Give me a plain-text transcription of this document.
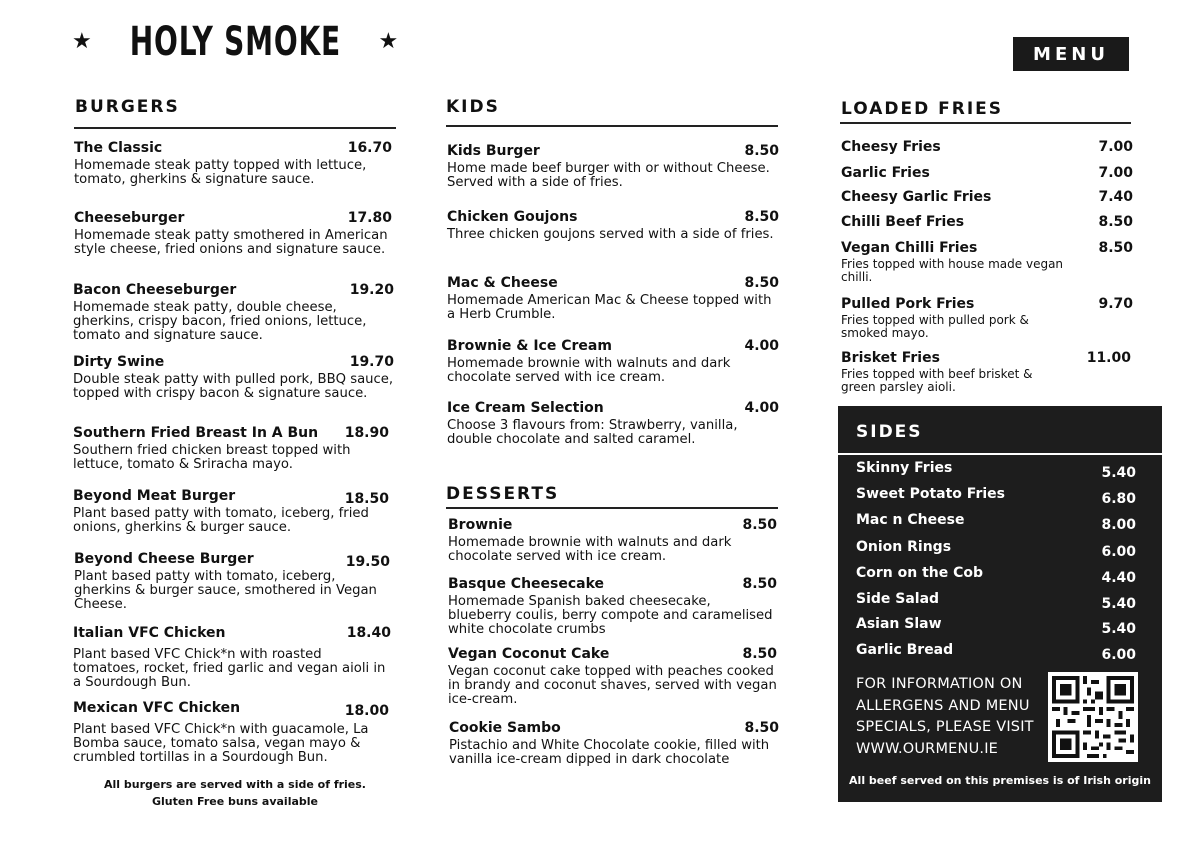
★ HOLY SMOKE ★	MENU
BURGERS
The Classic	16.70
Homemade steak patty topped with lettuce, tomato, gherkins & signature sauce.
Cheeseburger	17.80
Homemade steak patty smothered in American style cheese, fried onions and signature sauce.
Bacon Cheeseburger	19.20
Homemade steak patty, double cheese, gherkins, crispy bacon, fried onions, lettuce, tomato and signature sauce.
Dirty Swine	19.70
Double steak patty with pulled pork, BBQ sauce, topped with crispy bacon & signature sauce.
Southern Fried Breast In A Bun 18.90
Southern fried chicken breast topped with lettuce, tomato & Sriracha mayo.
Beyond Meat Burger	18.50
Plant based patty with tomato, iceberg, fried onions, gherkins & burger sauce.
Beyond Cheese Burger	19.50
Plant based patty with tomato, iceberg, gherkins & burger sauce, smothered in Vegan Cheese.
Italian VFC Chicken	18.40
Plant based VFC Chick*n with roasted tomatoes, rocket, fried garlic and vegan aioli in a Sourdough Bun.
Mexican VFC Chicken	18.00
Plant based VFC Chick*n with guacamole, La Bomba sauce, tomato salsa, vegan mayo & crumbled tortillas in a Sourdough Bun.
All burgers are served with a side of fries.
Gluten Free buns available
KIDS
Kids Burger	8.50
Home made beef burger with or without Cheese. Served with a side of fries.
Chicken Goujons	8.50
Three chicken goujons served with a side of fries.
Mac & Cheese	8.50
Homemade American Mac & Cheese topped with a Herb Crumble.
Brownie & Ice Cream	4.00
Homemade brownie with walnuts and dark chocolate served with ice cream.
Ice Cream Selection	4.00
Choose 3 flavours from: Strawberry, vanilla, double chocolate and salted caramel.
DESSERTS
Brownie	8.50
Homemade brownie with walnuts and dark chocolate served with ice cream.
Basque Cheesecake	8.50
Homemade Spanish baked cheesecake, blueberry coulis, berry compote and caramelised white chocolate crumbs
Vegan Coconut Cake	8.50
Vegan coconut cake topped with peaches cooked in brandy and coconut shaves, served with vegan ice-cream.
Cookie Sambo	8.50
Pistachio and White Chocolate cookie, filled with vanilla ice-cream dipped in dark chocolate
LOADED FRIES
Cheesy Fries	7.00
Garlic Fries	7.00
Cheesy Garlic Fries	7.40
Chilli Beef Fries	8.50
Vegan Chilli Fries	8.50
Fries topped with house made vegan chilli.
Pulled Pork Fries	9.70
Fries topped with pulled pork & smoked mayo.
Brisket Fries	11.00
Fries topped with beef brisket & green parsley aioli.
SIDES
Skinny Fries	5.40
Sweet Potato Fries	6.80
Mac n Cheese	8.00
Onion Rings	6.00
Corn on the Cob	4.40
Side Salad	5.40
Asian Slaw	5.40
Garlic Bread	6.00
FOR INFORMATION ON
ALLERGENS AND MENU
SPECIALS, PLEASE VISIT
WWW.OURMENU.IE
All beef served on this premises is of Irish origin
